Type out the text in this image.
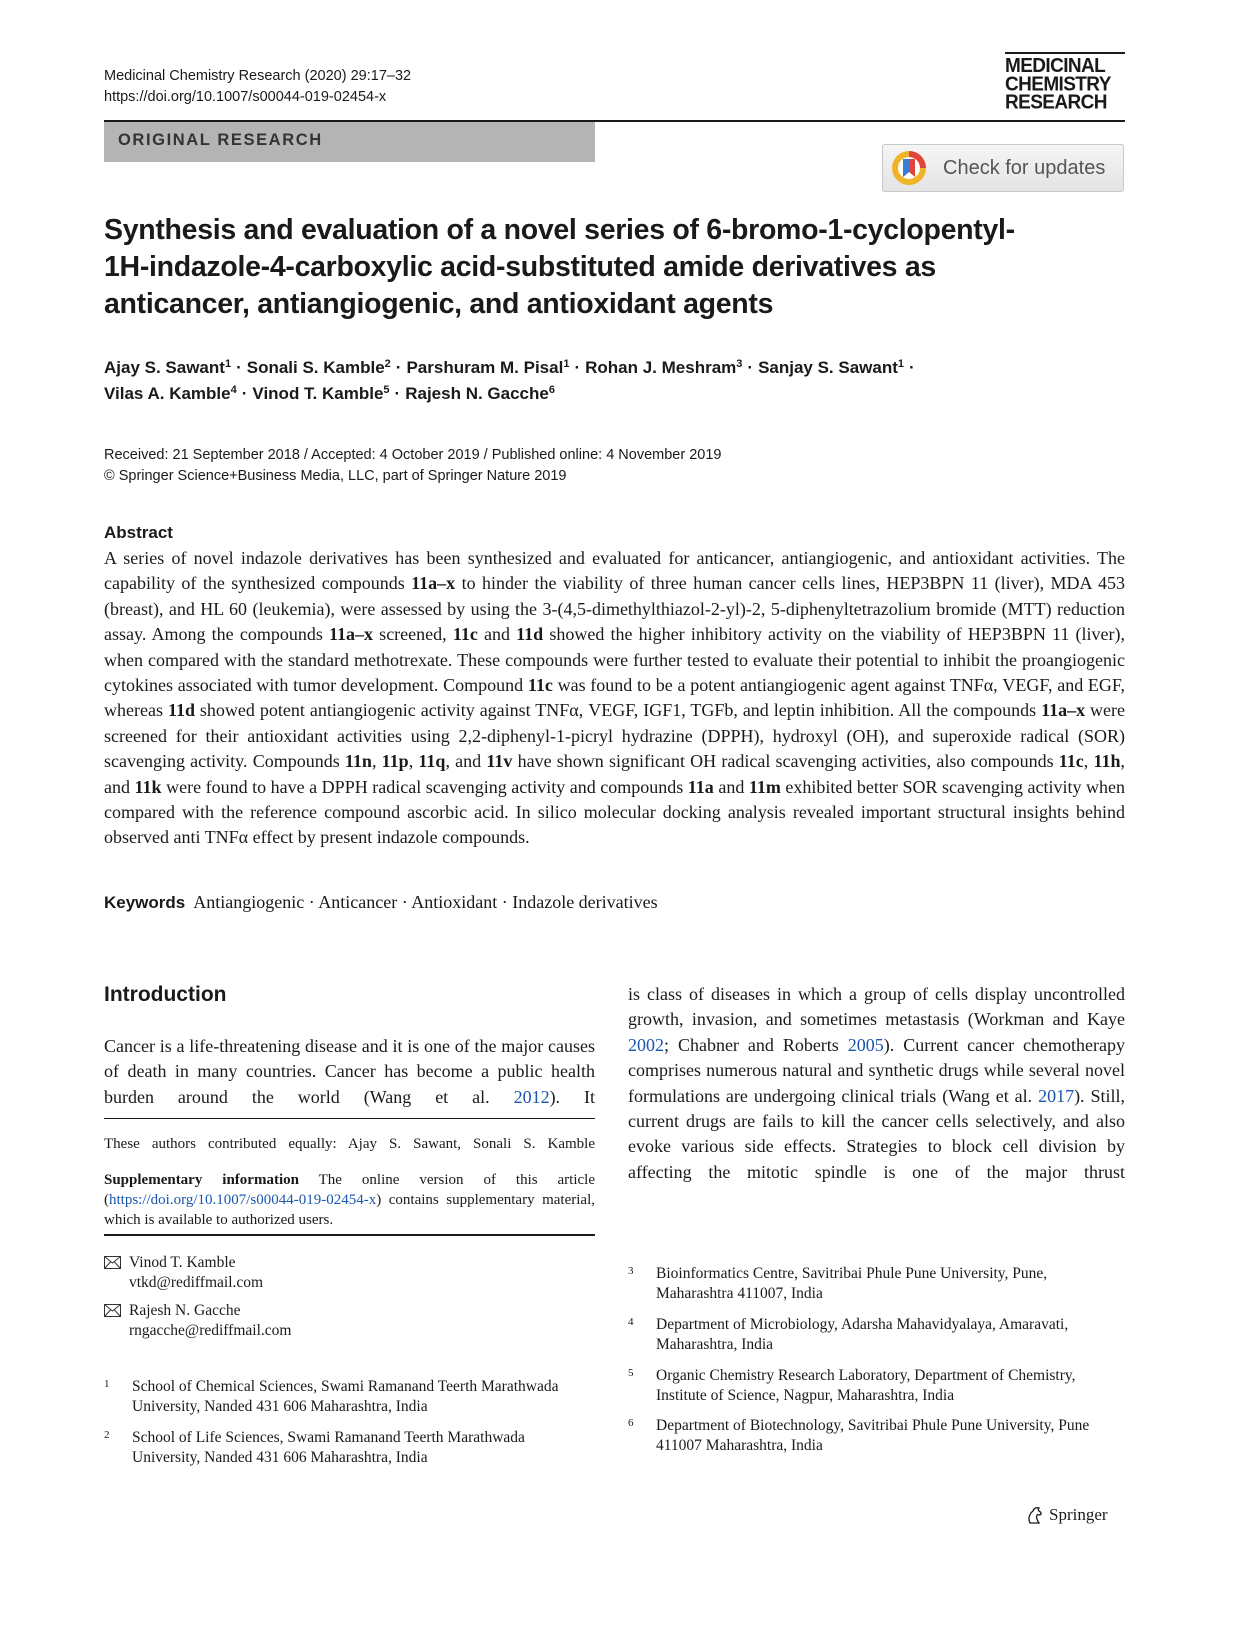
Medicinal Chemistry Research (2020) 29:17–32
https://doi.org/10.1007/s00044-019-02454-x
MEDICINAL
CHEMISTRY
RESEARCH
ORIGINAL RESEARCH
Check for updates
Synthesis and evaluation of a novel series of 6-bromo-1-cyclopentyl-
1H-indazole-4-carboxylic acid-substituted amide derivatives as
anticancer, antiangiogenic, and antioxidant agents
Ajay S. Sawant$^1$ · Sonali S. Kamble$^2$ · Parshuram M. Pisal$^1$ · Rohan J. Meshram$^3$ · Sanjay S. Sawant$^1$ ·
Vilas A. Kamble$^4$ · Vinod T. Kamble$^5$ · Rajesh N. Gacche$^6$
Received: 21 September 2018 / Accepted: 4 October 2019 / Published online: 4 November 2019
© Springer Science+Business Media, LLC, part of Springer Nature 2019
Abstract
A series of novel indazole derivatives has been synthesized and evaluated for anticancer, antiangiogenic, and antioxidant activities. The capability of the synthesized compounds 11a–x to hinder the viability of three human cancer cells lines, HEP3BPN 11 (liver), MDA 453 (breast), and HL 60 (leukemia), were assessed by using the 3-(4,5-dimethylthiazol-2-yl)-2, 5-diphenyltetrazolium bromide (MTT) reduction assay. Among the compounds 11a–x screened, 11c and 11d showed the higher inhibitory activity on the viability of HEP3BPN 11 (liver), when compared with the standard methotrexate. These compounds were further tested to evaluate their potential to inhibit the proangiogenic cytokines associated with tumor development. Compound 11c was found to be a potent antiangiogenic agent against TNFα, VEGF, and EGF, whereas 11d showed potent antiangiogenic activity against TNFα, VEGF, IGF1, TGFb, and leptin inhibition. All the compounds 11a–x were screened for their antioxidant activities using 2,2-diphenyl-1-picryl hydrazine (DPPH), hydroxyl (OH), and superoxide radical (SOR) scavenging activity. Compounds 11n, 11p, 11q, and 11v have shown significant OH radical scavenging activities, also compounds 11c, 11h, and 11k were found to have a DPPH radical scavenging activity and compounds 11a and 11m exhibited better SOR scavenging activity when compared with the reference compound ascorbic acid. In silico molecular docking analysis revealed important structural insights behind observed anti TNFα effect by present indazole compounds.
Keywords Antiangiogenic · Anticancer · Antioxidant · Indazole derivatives
Introduction
Cancer is a life-threatening disease and it is one of the major causes of death in many countries. Cancer has become a public health burden around the world (Wang et al. 2012). It
is class of diseases in which a group of cells display uncontrolled growth, invasion, and sometimes metastasis (Workman and Kaye 2002; Chabner and Roberts 2005). Current cancer chemotherapy comprises numerous natural and synthetic drugs while several novel formulations are undergoing clinical trials (Wang et al. 2017). Still, current drugs are fails to kill the cancer cells selectively, and also evoke various side effects. Strategies to block cell division by affecting the mitotic spindle is one of the major thrust
These authors contributed equally: Ajay S. Sawant, Sonali S. Kamble
Supplementary information The online version of this article (https://doi.org/10.1007/s00044-019-02454-x) contains supplementary material, which is available to authorized users.
Vinod T. Kamble
vtkd@rediffmail.com
Rajesh N. Gacche
rngacche@rediffmail.com
1 School of Chemical Sciences, Swami Ramanand Teerth Marathwada University, Nanded 431 606 Maharashtra, India
2 School of Life Sciences, Swami Ramanand Teerth Marathwada University, Nanded 431 606 Maharashtra, India
3 Bioinformatics Centre, Savitribai Phule Pune University, Pune, Maharashtra 411007, India
4 Department of Microbiology, Adarsha Mahavidyalaya, Amaravati, Maharashtra, India
5 Organic Chemistry Research Laboratory, Department of Chemistry, Institute of Science, Nagpur, Maharashtra, India
6 Department of Biotechnology, Savitribai Phule Pune University, Pune 411007 Maharashtra, India
Springer
